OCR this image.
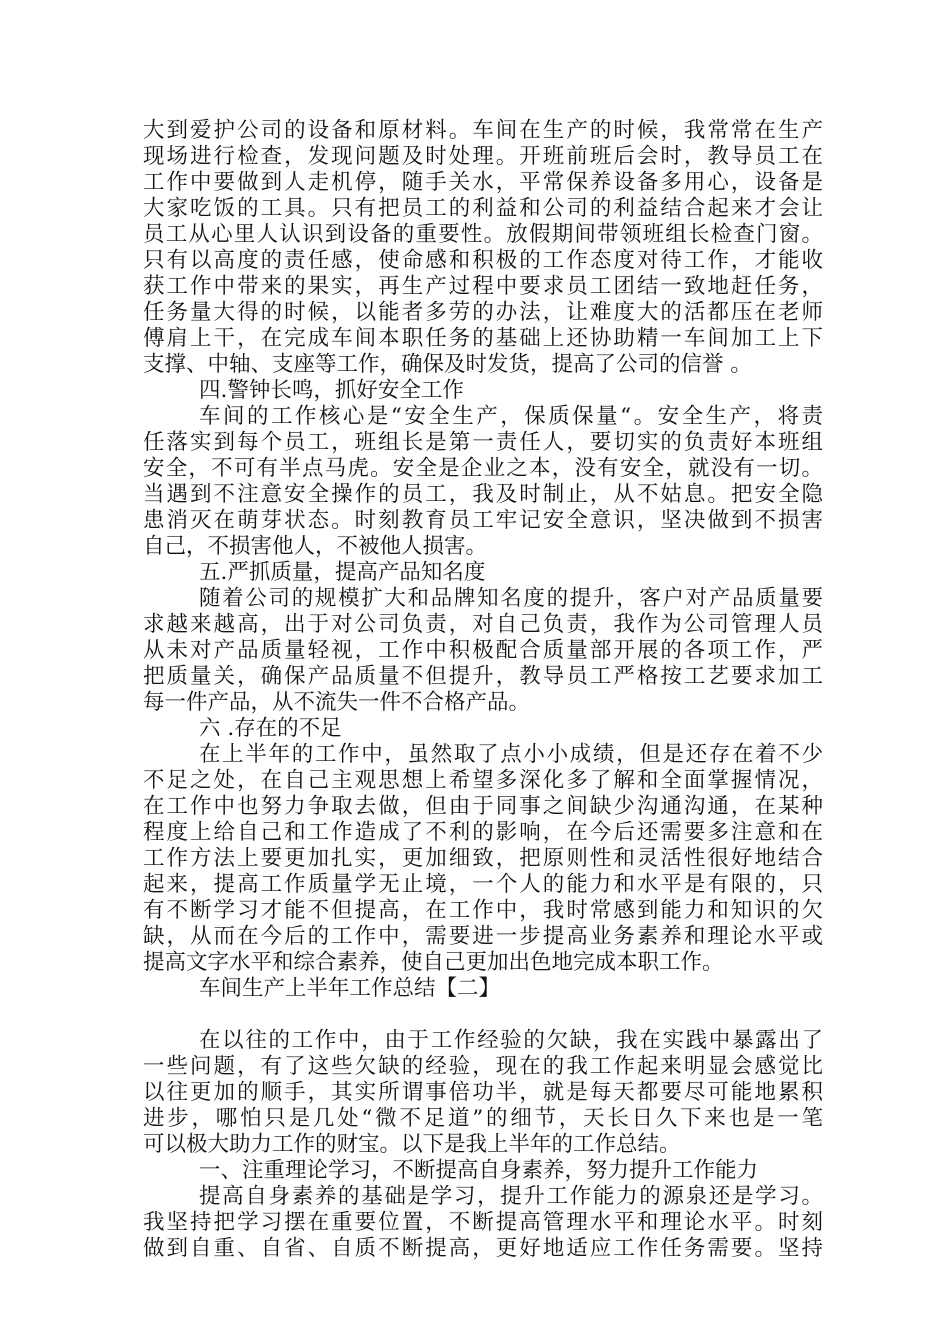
大到爱护公司的设备和原材料。车间在生产的时候，我常常在生产
现场进行检查，发现问题及时处理。开班前班后会时，教导员工在
工作中要做到人走机停，随手关水，平常保养设备多用心，设备是
大家吃饭的工具。只有把员工的利益和公司的利益结合起来才会让
员工从心里人认识到设备的重要性。放假期间带领班组长检查门窗。
只有以高度的责任感，使命感和积极的工作态度对待工作，才能收
获工作中带来的果实，再生产过程中要求员工团结一致地赶任务，
任务量大得的时候，以能者多劳的办法，让难度大的活都压在老师
傅肩上干，在完成车间本职任务的基础上还协助精一车间加工上下
支撑、中轴、支座等工作，确保及时发货，提高了公司的信誉 。
四.警钟长鸣，抓好安全工作
车间的工作核心是“安全生产，保质保量“。安全生产，将责
任落实到每个员工，班组长是第一责任人，要切实的负责好本班组
安全，不可有半点马虎。安全是企业之本，没有安全，就没有一切。
当遇到不注意安全操作的员工，我及时制止，从不姑息。把安全隐
患消灭在萌芽状态。时刻教育员工牢记安全意识，坚决做到不损害
自己，不损害他人，不被他人损害。
五.严抓质量，提高产品知名度
随着公司的规模扩大和品牌知名度的提升，客户对产品质量要
求越来越高，出于对公司负责，对自己负责，我作为公司管理人员
从未对产品质量轻视，工作中积极配合质量部开展的各项工作，严
把质量关，确保产品质量不但提升，教导员工严格按工艺要求加工
每一件产品，从不流失一件不合格产品。
六 .存在的不足
在上半年的工作中，虽然取了点小小成绩，但是还存在着不少
不足之处，在自己主观思想上希望多深化多了解和全面掌握情况，
在工作中也努力争取去做，但由于同事之间缺少沟通沟通，在某种
程度上给自己和工作造成了不利的影响，在今后还需要多注意和在
工作方法上要更加扎实，更加细致，把原则性和灵活性很好地结合
起来，提高工作质量学无止境，一个人的能力和水平是有限的，只
有不断学习才能不但提高，在工作中，我时常感到能力和知识的欠
缺，从而在今后的工作中，需要进一步提高业务素养和理论水平或
提高文字水平和综合素养，使自己更加出色地完成本职工作。
车间生产上半年工作总结【二】
在以往的工作中，由于工作经验的欠缺，我在实践中暴露出了
一些问题，有了这些欠缺的经验，现在的我工作起来明显会感觉比
以往更加的顺手，其实所谓事倍功半，就是每天都要尽可能地累积
进步，哪怕只是几处“微不足道”的细节，天长日久下来也是一笔
可以极大助力工作的财宝。以下是我上半年的工作总结。
一、注重理论学习，不断提高自身素养，努力提升工作能力
提高自身素养的基础是学习，提升工作能力的源泉还是学习。
我坚持把学习摆在重要位置，不断提高管理水平和理论水平。时刻
做到自重、自省、自质不断提高，更好地适应工作任务需要。坚持
